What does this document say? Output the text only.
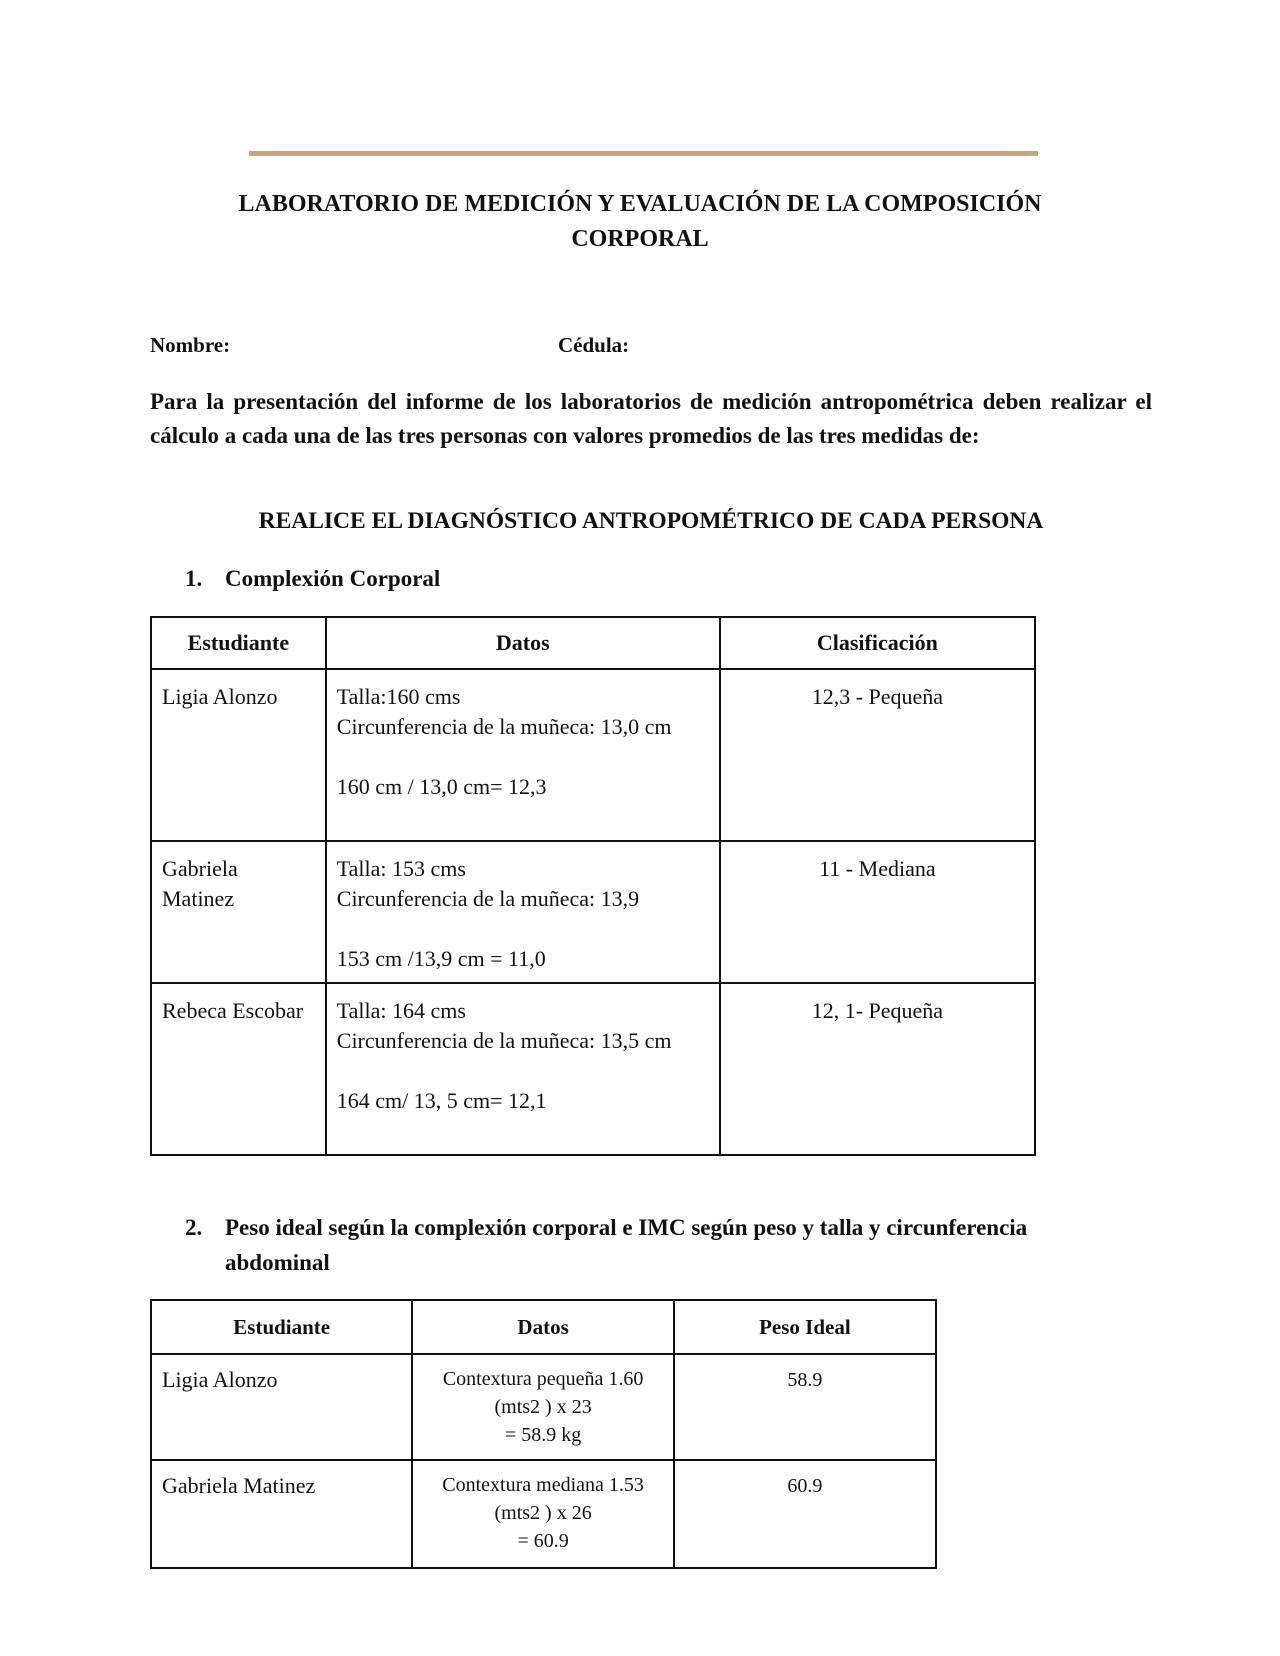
LABORATORIO DE MEDICIÓN Y EVALUACIÓN DE LA COMPOSICIÓN
CORPORAL
Nombre:	Cédula:
Para la presentación del informe de los laboratorios de medición antropométrica deben realizar el cálculo a cada una de las tres personas con valores promedios de las tres medidas de:
REALICE EL DIAGNÓSTICO ANTROPOMÉTRICO DE CADA PERSONA
1. Complexión Corporal
Estudiante	Datos	Clasificación
Ligia Alonzo	Talla:160 cms
Circunferencia de la muñeca: 13,0 cm
160 cm / 13,0 cm= 12,3	12,3 - Pequeña
Gabriela Matinez	Talla: 153 cms
Circunferencia de la muñeca: 13,9
153 cm /13,9 cm = 11,0	11 - Mediana
Rebeca Escobar	Talla: 164 cms
Circunferencia de la muñeca: 13,5 cm
164 cm/ 13, 5 cm= 12,1	12, 1- Pequeña
2. Peso ideal según la complexión corporal e IMC según peso y talla y circunferencia abdominal
Estudiante	Datos	Peso Ideal
Ligia Alonzo	Contextura pequeña 1.60
(mts2 ) x 23
= 58.9 kg	58.9
Gabriela Matinez	Contextura mediana 1.53
(mts2 ) x 26
= 60.9	60.9
